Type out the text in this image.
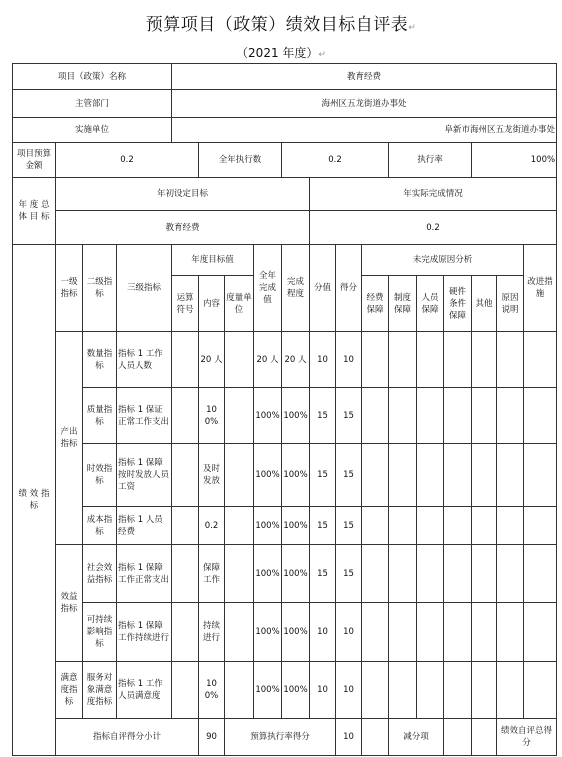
预算项目（政策）绩效目标自评表↵
（2021 年度）↵
项目（政策）名称				教育经费														
主管部门				海州区五龙街道办事处														
实施单位				阜新市海州区五龙街道办事处														
项目预算金额	0.2				全年执行数			0.2				执行率			100%			
年 度 总 体 目 标	年初设定目标								年实际完成情况									
	教育经费								0.2									
绩 效 指 标	一级指标	二级指标	三级指标	年度目标值			全年完成值	完成程度	分值	得分	未完成原因分析						改进措施	
				运算符号	内容	度量单位					经费保障	制度保障	人员保障	硬件条件保障	其他	原因说明		
	产出指标	数量指标	指标 1 工作人员人数		20 人		20 人	20 人	10	10								
		质量指标	指标 1 保证正常工作支出		100%		100%	100%	15	15								
		时效指标	指标 1 保障按时发放人员工资		及时发放		100%	100%	15	15								
		成本指标	指标 1 人员经费		0.2		100%	100%	15	15								
	效益指标	社会效益指标	指标 1 保障工作正常支出		保障工作		100%	100%	15	15								
		可持续影响指标	指标 1 保障工作持续进行		持续进行		100%	100%	10	10								
	满意度指标	服务对象满意度指标	指标 1 工作人员满意度		100%		100%	100%	10	10								
	指标自评得分小计				90	预算执行率得分				10		减分项				绩效自评总得分	
